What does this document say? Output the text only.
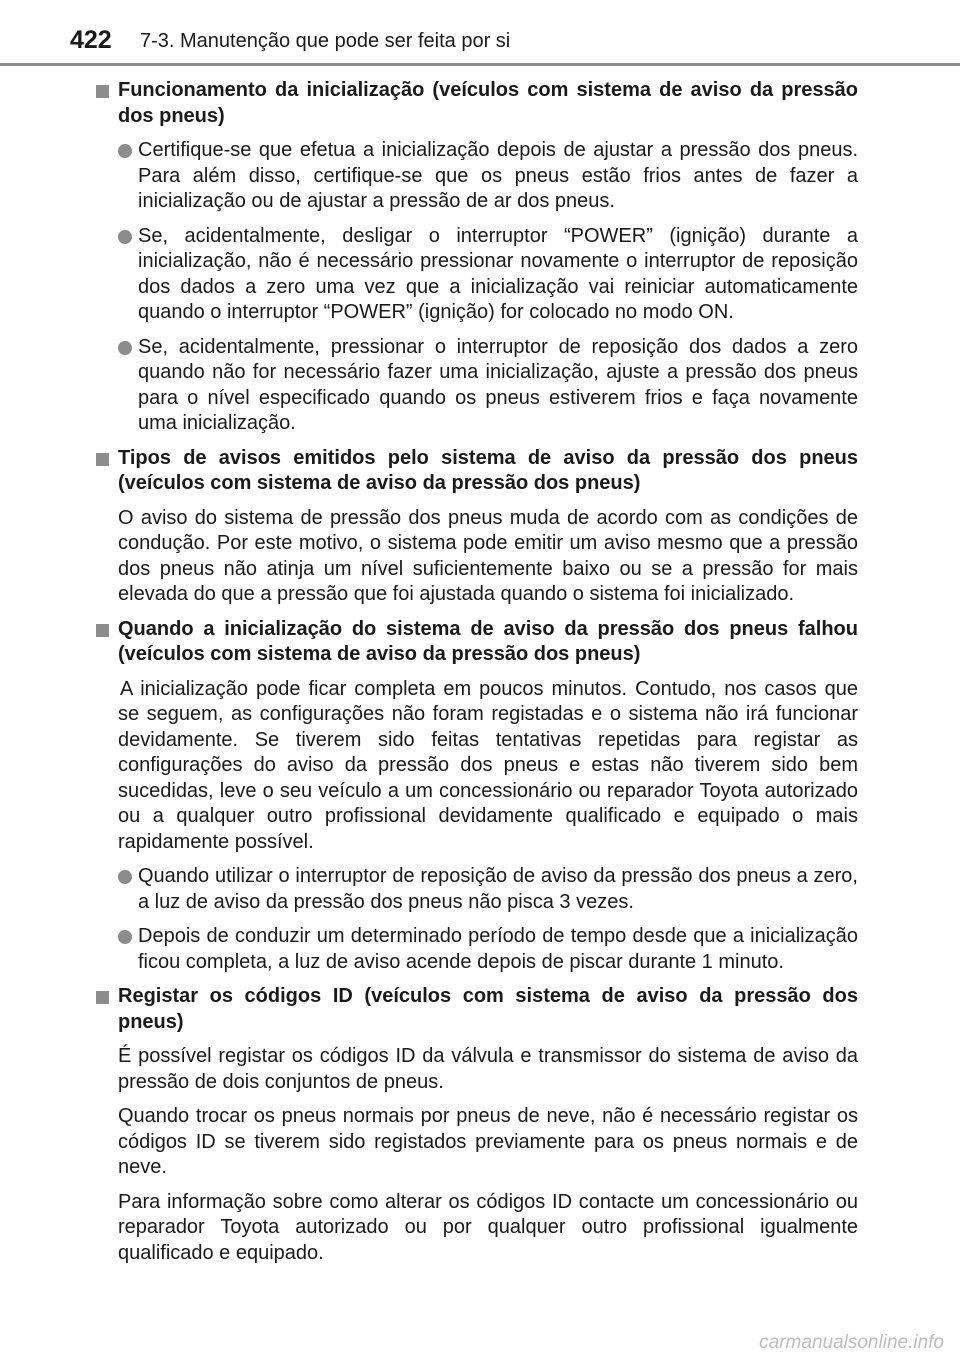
422 7-3. Manutenção que pode ser feita por si
Funcionamento da inicialização (veículos com sistema de aviso da pressão dos pneus)
Certifique-se que efetua a inicialização depois de ajustar a pressão dos pneus. Para além disso, certifique-se que os pneus estão frios antes de fazer a inicialização ou de ajustar a pressão de ar dos pneus.
Se, acidentalmente, desligar o interruptor “POWER” (ignição) durante a inicialização, não é necessário pressionar novamente o interruptor de reposição dos dados a zero uma vez que a inicialização vai reiniciar automaticamente quando o interruptor “POWER” (ignição) for colocado no modo ON.
Se, acidentalmente, pressionar o interruptor de reposição dos dados a zero quando não for necessário fazer uma inicialização, ajuste a pressão dos pneus para o nível especificado quando os pneus estiverem frios e faça novamente uma inicialização.
Tipos de avisos emitidos pelo sistema de aviso da pressão dos pneus (veículos com sistema de aviso da pressão dos pneus)
O aviso do sistema de pressão dos pneus muda de acordo com as condições de condução. Por este motivo, o sistema pode emitir um aviso mesmo que a pressão dos pneus não atinja um nível suficientemente baixo ou se a pressão for mais elevada do que a pressão que foi ajustada quando o sistema foi inicializado.
Quando a inicialização do sistema de aviso da pressão dos pneus falhou (veículos com sistema de aviso da pressão dos pneus)
A inicialização pode ficar completa em poucos minutos. Contudo, nos casos que se seguem, as configurações não foram registadas e o sistema não irá funcionar devidamente. Se tiverem sido feitas tentativas repetidas para registar as configurações do aviso da pressão dos pneus e estas não tiverem sido bem sucedidas, leve o seu veículo a um concessionário ou reparador Toyota autorizado ou a qualquer outro profissional devidamente qualificado e equipado o mais rapidamente possível.
Quando utilizar o interruptor de reposição de aviso da pressão dos pneus a zero, a luz de aviso da pressão dos pneus não pisca 3 vezes.
Depois de conduzir um determinado período de tempo desde que a inicialização ficou completa, a luz de aviso acende depois de piscar durante 1 minuto.
Registar os códigos ID (veículos com sistema de aviso da pressão dos pneus)
É possível registar os códigos ID da válvula e transmissor do sistema de aviso da pressão de dois conjuntos de pneus.
Quando trocar os pneus normais por pneus de neve, não é necessário registar os códigos ID se tiverem sido registados previamente para os pneus normais e de neve.
Para informação sobre como alterar os códigos ID contacte um concessionário ou reparador Toyota autorizado ou por qualquer outro profissional igualmente qualificado e equipado.
carmanualsonline.info
